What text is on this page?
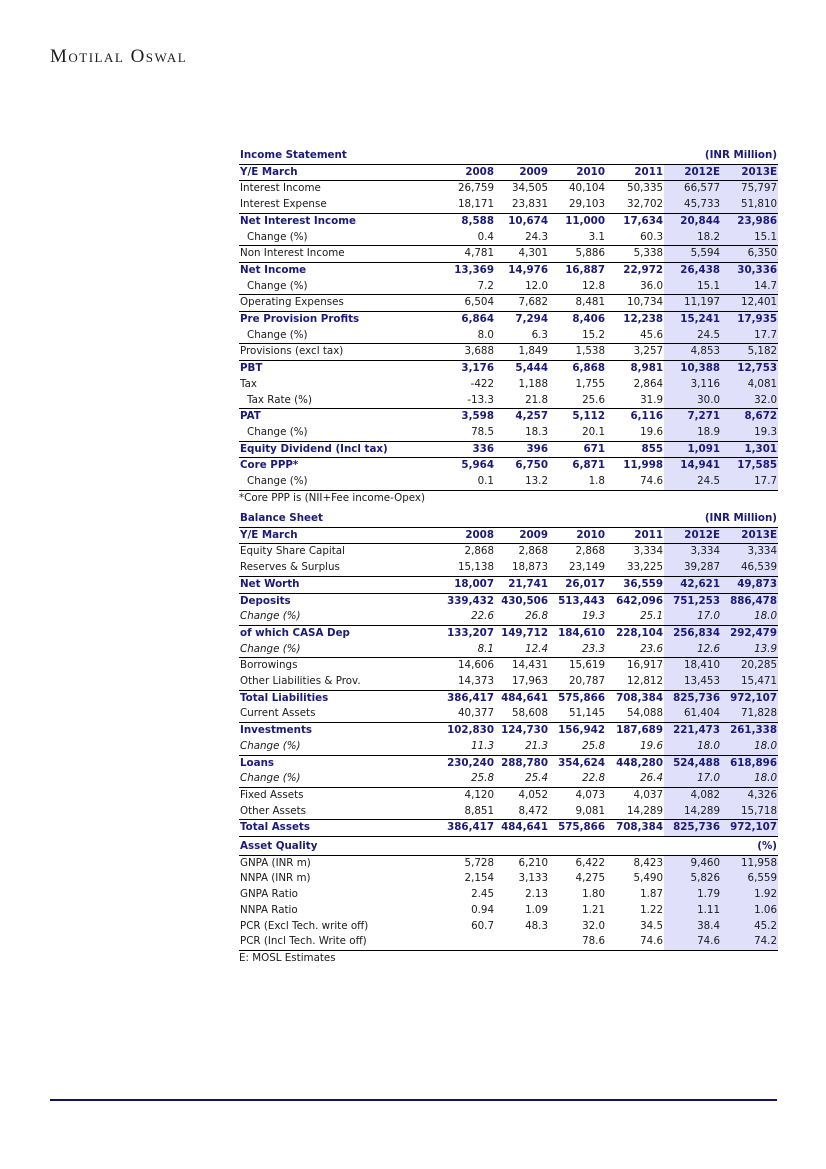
Motilal Oswal
Income Statement					(INR Million)	
Y/E March	2008	2009	2010	2011	2012E	2013E
Interest Income	26,759	34,505	40,104	50,335	66,577	75,797
Interest Expense	18,171	23,831	29,103	32,702	45,733	51,810
Net Interest Income	8,588	10,674	11,000	17,634	20,844	23,986
Change (%)	0.4	24.3	3.1	60.3	18.2	15.1
Non Interest Income	4,781	4,301	5,886	5,338	5,594	6,350
Net Income	13,369	14,976	16,887	22,972	26,438	30,336
Change (%)	7.2	12.0	12.8	36.0	15.1	14.7
Operating Expenses	6,504	7,682	8,481	10,734	11,197	12,401
Pre Provision Profits	6,864	7,294	8,406	12,238	15,241	17,935
Change (%)	8.0	6.3	15.2	45.6	24.5	17.7
Provisions (excl tax)	3,688	1,849	1,538	3,257	4,853	5,182
PBT	3,176	5,444	6,868	8,981	10,388	12,753
Tax	-422	1,188	1,755	2,864	3,116	4,081
Tax Rate (%)	-13.3	21.8	25.6	31.9	30.0	32.0
PAT	3,598	4,257	5,112	6,116	7,271	8,672
Change (%)	78.5	18.3	20.1	19.6	18.9	19.3
Equity Dividend (Incl tax)	336	396	671	855	1,091	1,301
Core PPP*	5,964	6,750	6,871	11,998	14,941	17,585
Change (%)	0.1	13.2	1.8	74.6	24.5	17.7
*Core PPP is (NII+Fee income-Opex)
Balance Sheet					(INR Million)	
Y/E March	2008	2009	2010	2011	2012E	2013E
Equity Share Capital	2,868	2,868	2,868	3,334	3,334	3,334
Reserves & Surplus	15,138	18,873	23,149	33,225	39,287	46,539
Net Worth	18,007	21,741	26,017	36,559	42,621	49,873
Deposits	339,432	430,506	513,443	642,096	751,253	886,478
Change (%)	22.6	26.8	19.3	25.1	17.0	18.0
of which CASA Dep	133,207	149,712	184,610	228,104	256,834	292,479
Change (%)	8.1	12.4	23.3	23.6	12.6	13.9
Borrowings	14,606	14,431	15,619	16,917	18,410	20,285
Other Liabilities & Prov.	14,373	17,963	20,787	12,812	13,453	15,471
Total Liabilities	386,417	484,641	575,866	708,384	825,736	972,107
Current Assets	40,377	58,608	51,145	54,088	61,404	71,828
Investments	102,830	124,730	156,942	187,689	221,473	261,338
Change (%)	11.3	21.3	25.8	19.6	18.0	18.0
Loans	230,240	288,780	354,624	448,280	524,488	618,896
Change (%)	25.8	25.4	22.8	26.4	17.0	18.0
Fixed Assets	4,120	4,052	4,073	4,037	4,082	4,326
Other Assets	8,851	8,472	9,081	14,289	14,289	15,718
Total Assets	386,417	484,641	575,866	708,384	825,736	972,107
Asset Quality					(%)	
GNPA (INR m)	5,728	6,210	6,422	8,423	9,460	11,958
NNPA (INR m)	2,154	3,133	4,275	5,490	5,826	6,559
GNPA Ratio	2.45	2.13	1.80	1.87	1.79	1.92
NNPA Ratio	0.94	1.09	1.21	1.22	1.11	1.06
PCR (Excl Tech. write off)	60.7	48.3	32.0	34.5	38.4	45.2
PCR (Incl Tech. Write off)			78.6	74.6	74.6	74.2
E: MOSL Estimates
